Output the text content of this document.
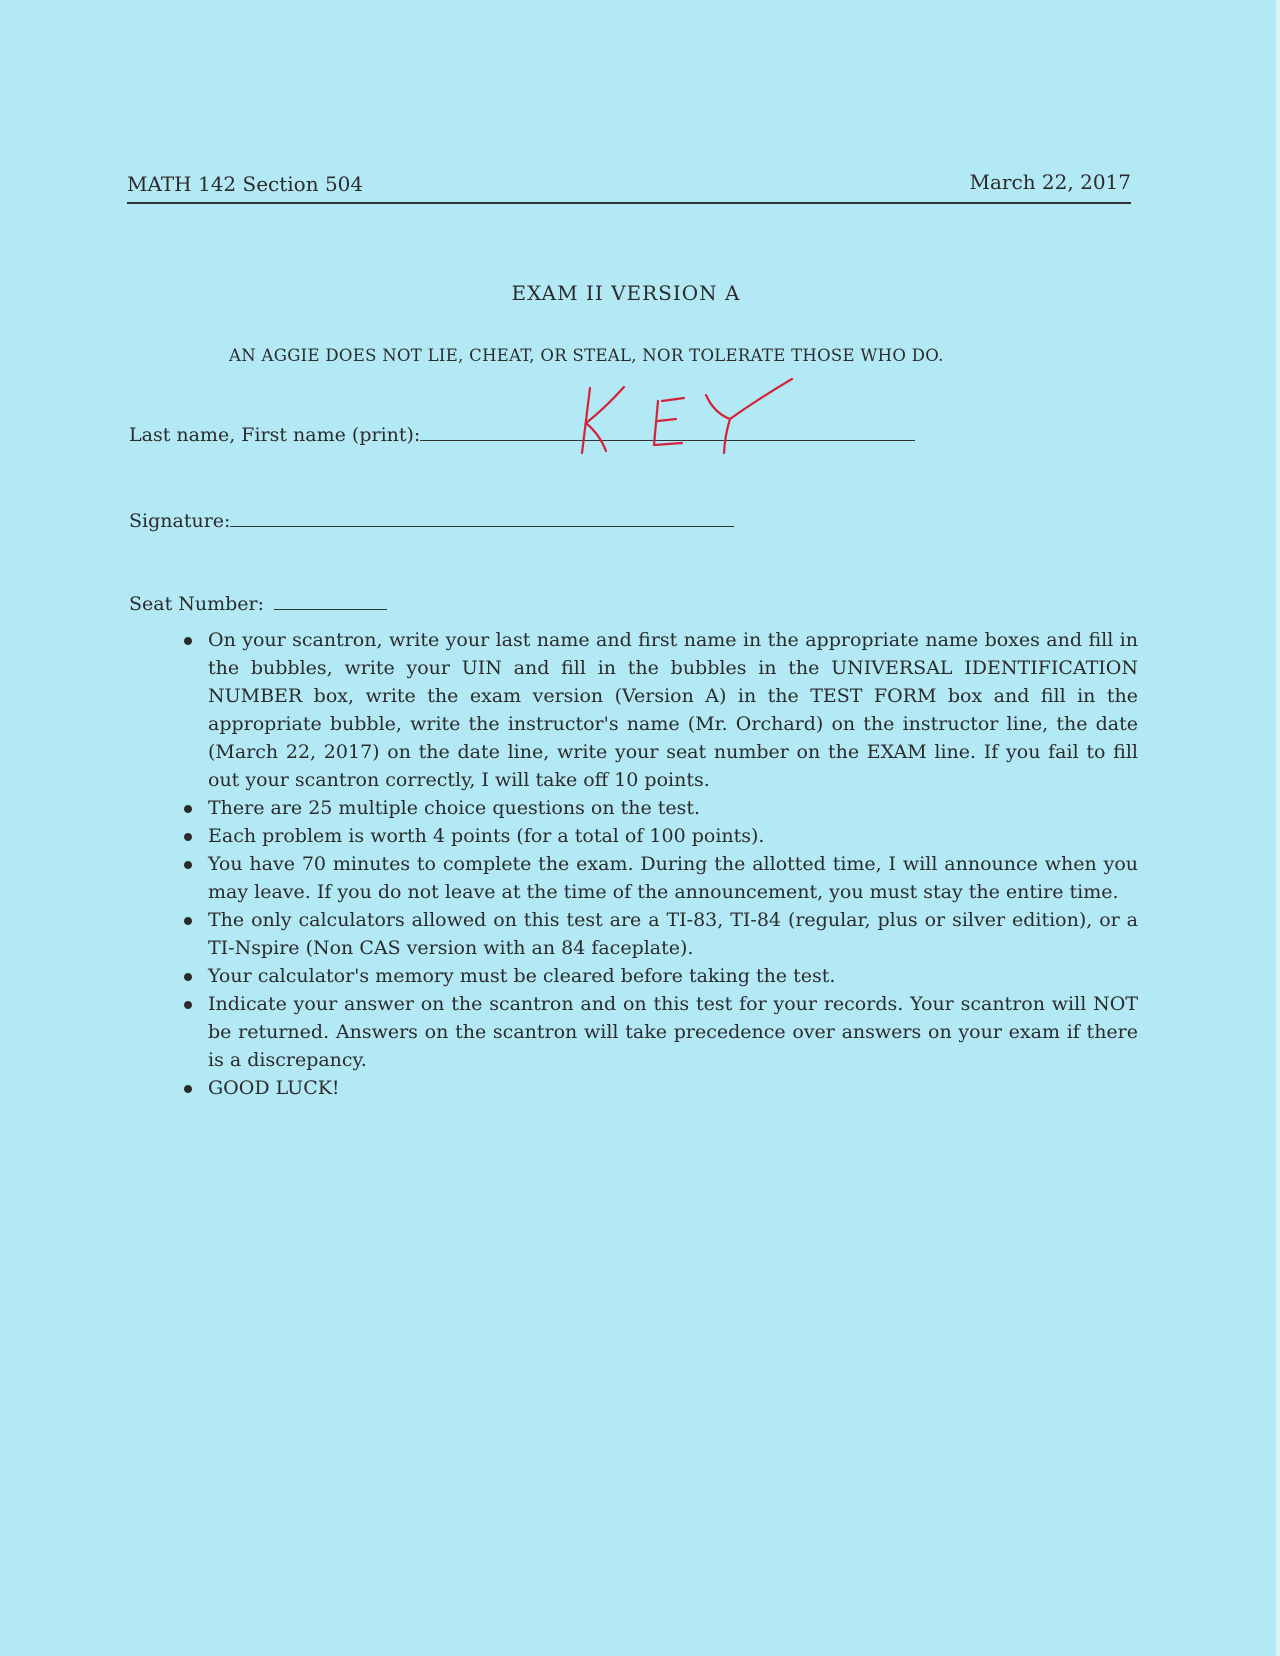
MATH 142 Section 504	March 22, 2017
EXAM II VERSION A
AN AGGIE DOES NOT LIE, CHEAT, OR STEAL, NOR TOLERATE THOSE WHO DO.
Last name, First name (print):
Signature:
Seat Number:
On your scantron, write your last name and first name in the appropriate name boxes and fill in the bubbles, write your UIN and fill in the bubbles in the UNIVERSAL IDENTIFICATION NUMBER box, write the exam version (Version A) in the TEST FORM box and fill in the appropriate bubble, write the instructor's name (Mr. Orchard) on the instructor line, the date (March 22, 2017) on the date line, write your seat number on the EXAM line. If you fail to fill out your scantron correctly, I will take off 10 points.
There are 25 multiple choice questions on the test.
Each problem is worth 4 points (for a total of 100 points).
You have 70 minutes to complete the exam. During the allotted time, I will announce when you may leave. If you do not leave at the time of the announcement, you must stay the entire time.
The only calculators allowed on this test are a TI-83, TI-84 (regular, plus or silver edition), or a TI-Nspire (Non CAS version with an 84 faceplate).
Your calculator's memory must be cleared before taking the test.
Indicate your answer on the scantron and on this test for your records. Your scantron will NOT be returned. Answers on the scantron will take precedence over answers on your exam if there is a discrepancy.
GOOD LUCK!
